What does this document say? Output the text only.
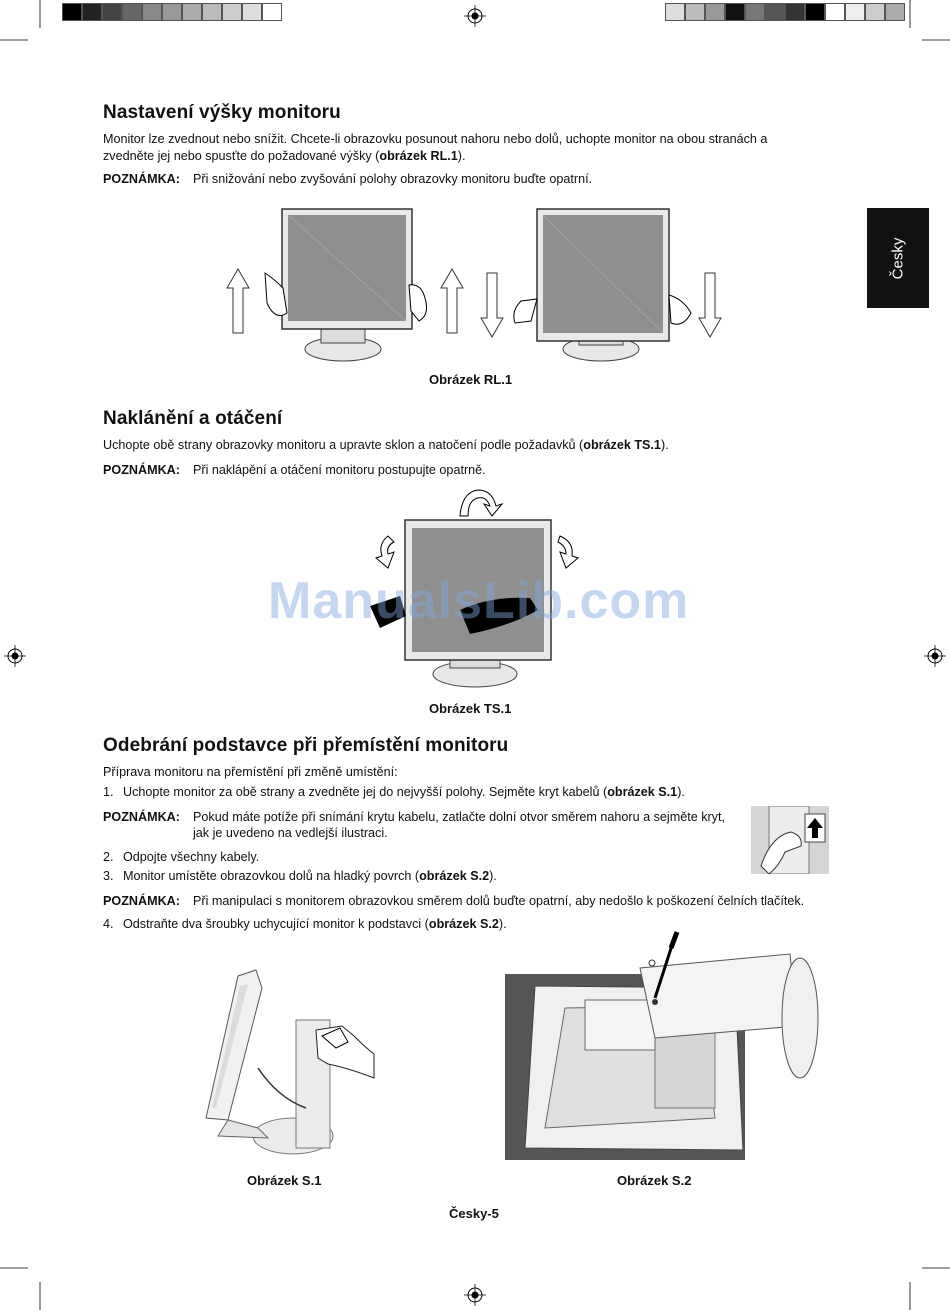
Česky
Nastavení výšky monitoru
Monitor lze zvednout nebo snížit. Chcete-li obrazovku posunout nahoru nebo dolů, uchopte monitor na obou stranách a
zvedněte jej nebo spusťte do požadované výšky (obrázek RL.1).
POZNÁMKA: Při snižování nebo zvyšování polohy obrazovky monitoru buďte opatrní.
Obrázek RL.1
Naklánění a otáčení
Uchopte obě strany obrazovky monitoru a upravte sklon a natočení podle požadavků (obrázek TS.1).
POZNÁMKA: Při naklápění a otáčení monitoru postupujte opatrně.
ManualsLib.com
Obrázek TS.1
Odebrání podstavce při přemístění monitoru
Příprava monitoru na přemístění při změně umístění:
1. Uchopte monitor za obě strany a zvedněte jej do nejvyšší polohy. Sejměte kryt kabelů (obrázek S.1).
POZNÁMKA: Pokud máte potíže při snímání krytu kabelu, zatlačte dolní otvor směrem nahoru a sejměte kryt,
jak je uvedeno na vedlejší ilustraci.
2. Odpojte všechny kabely.
3. Monitor umístěte obrazovkou dolů na hladký povrch (obrázek S.2).
POZNÁMKA: Při manipulaci s monitorem obrazovkou směrem dolů buďte opatrní, aby nedošlo k poškození čelních tlačítek.
4. Odstraňte dva šroubky uchycující monitor k podstavci (obrázek S.2).
Obrázek S.1	Obrázek S.2
Česky-5
